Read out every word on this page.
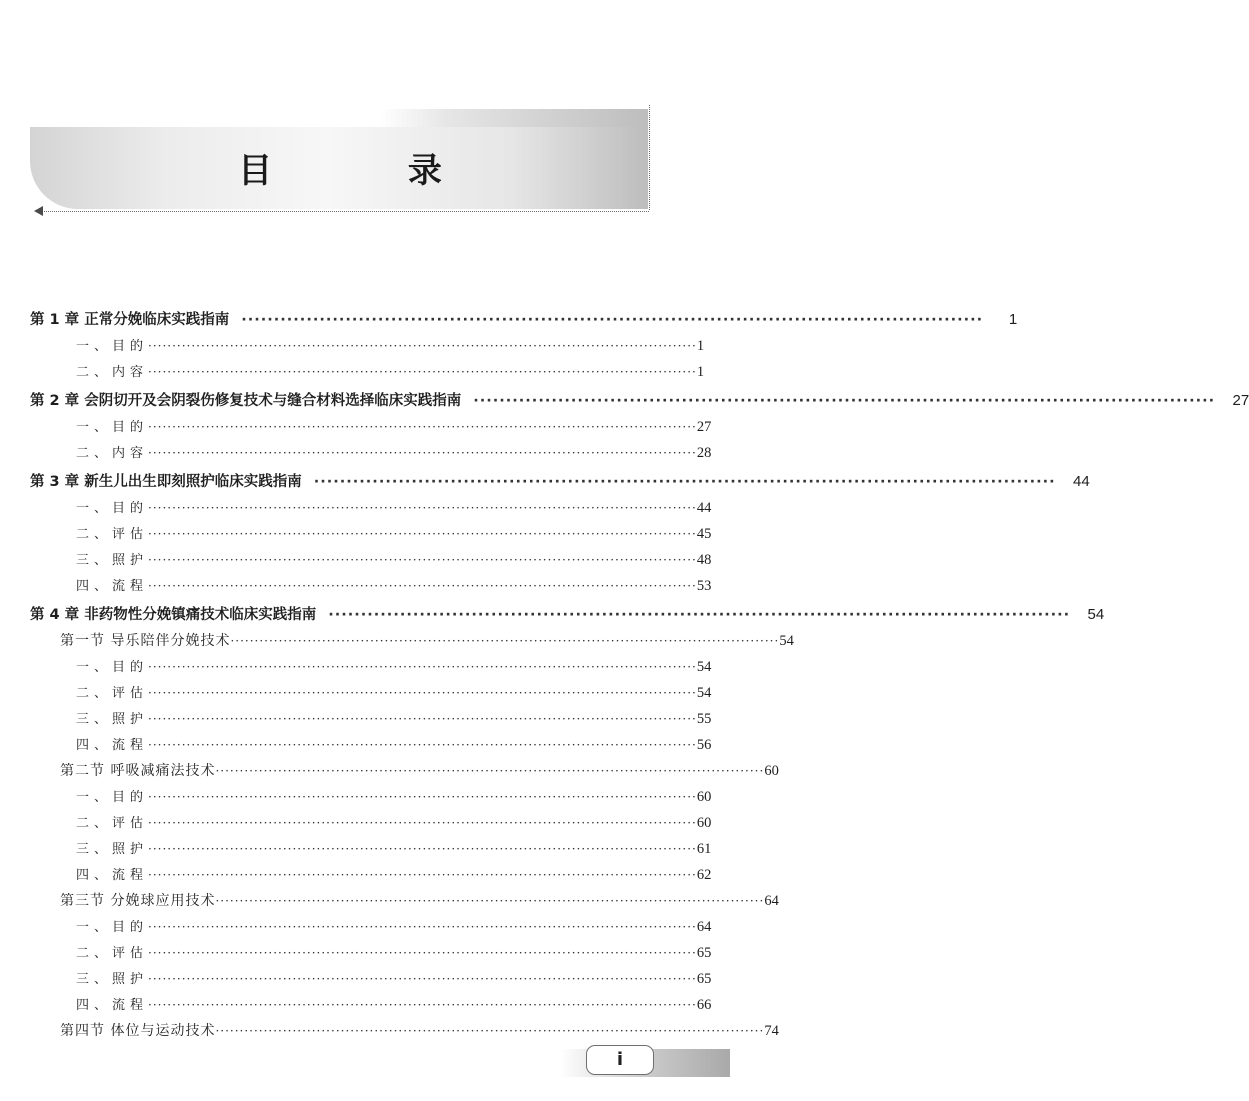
目 录
第 1 章 正常分娩临床实践指南 ··················································································································	1
一、目的 ·················································································································· 1
二、内容 ·················································································································· 1
第 2 章 会阴切开及会阴裂伤修复技术与缝合材料选择临床实践指南 ··················································································································	27
一、目的 ·················································································································· 27
二、内容 ·················································································································· 28
第 3 章 新生儿出生即刻照护临床实践指南 ··················································································································	44
一、目的 ·················································································································· 44
二、评估 ·················································································································· 45
三、照护 ·················································································································· 48
四、流程 ·················································································································· 53
第 4 章 非药物性分娩镇痛技术临床实践指南 ··················································································································	54
第一节 导乐陪伴分娩技术 ·················································································································· 54
一、目的 ·················································································································· 54
二、评估 ·················································································································· 54
三、照护 ·················································································································· 55
四、流程 ·················································································································· 56
第二节 呼吸减痛法技术 ·················································································································· 60
一、目的 ·················································································································· 60
二、评估 ·················································································································· 60
三、照护 ·················································································································· 61
四、流程 ·················································································································· 62
第三节 分娩球应用技术 ·················································································································· 64
一、目的 ·················································································································· 64
二、评估 ·················································································································· 65
三、照护 ·················································································································· 65
四、流程 ·················································································································· 66
第四节 体位与运动技术 ·················································································································· 74
i
